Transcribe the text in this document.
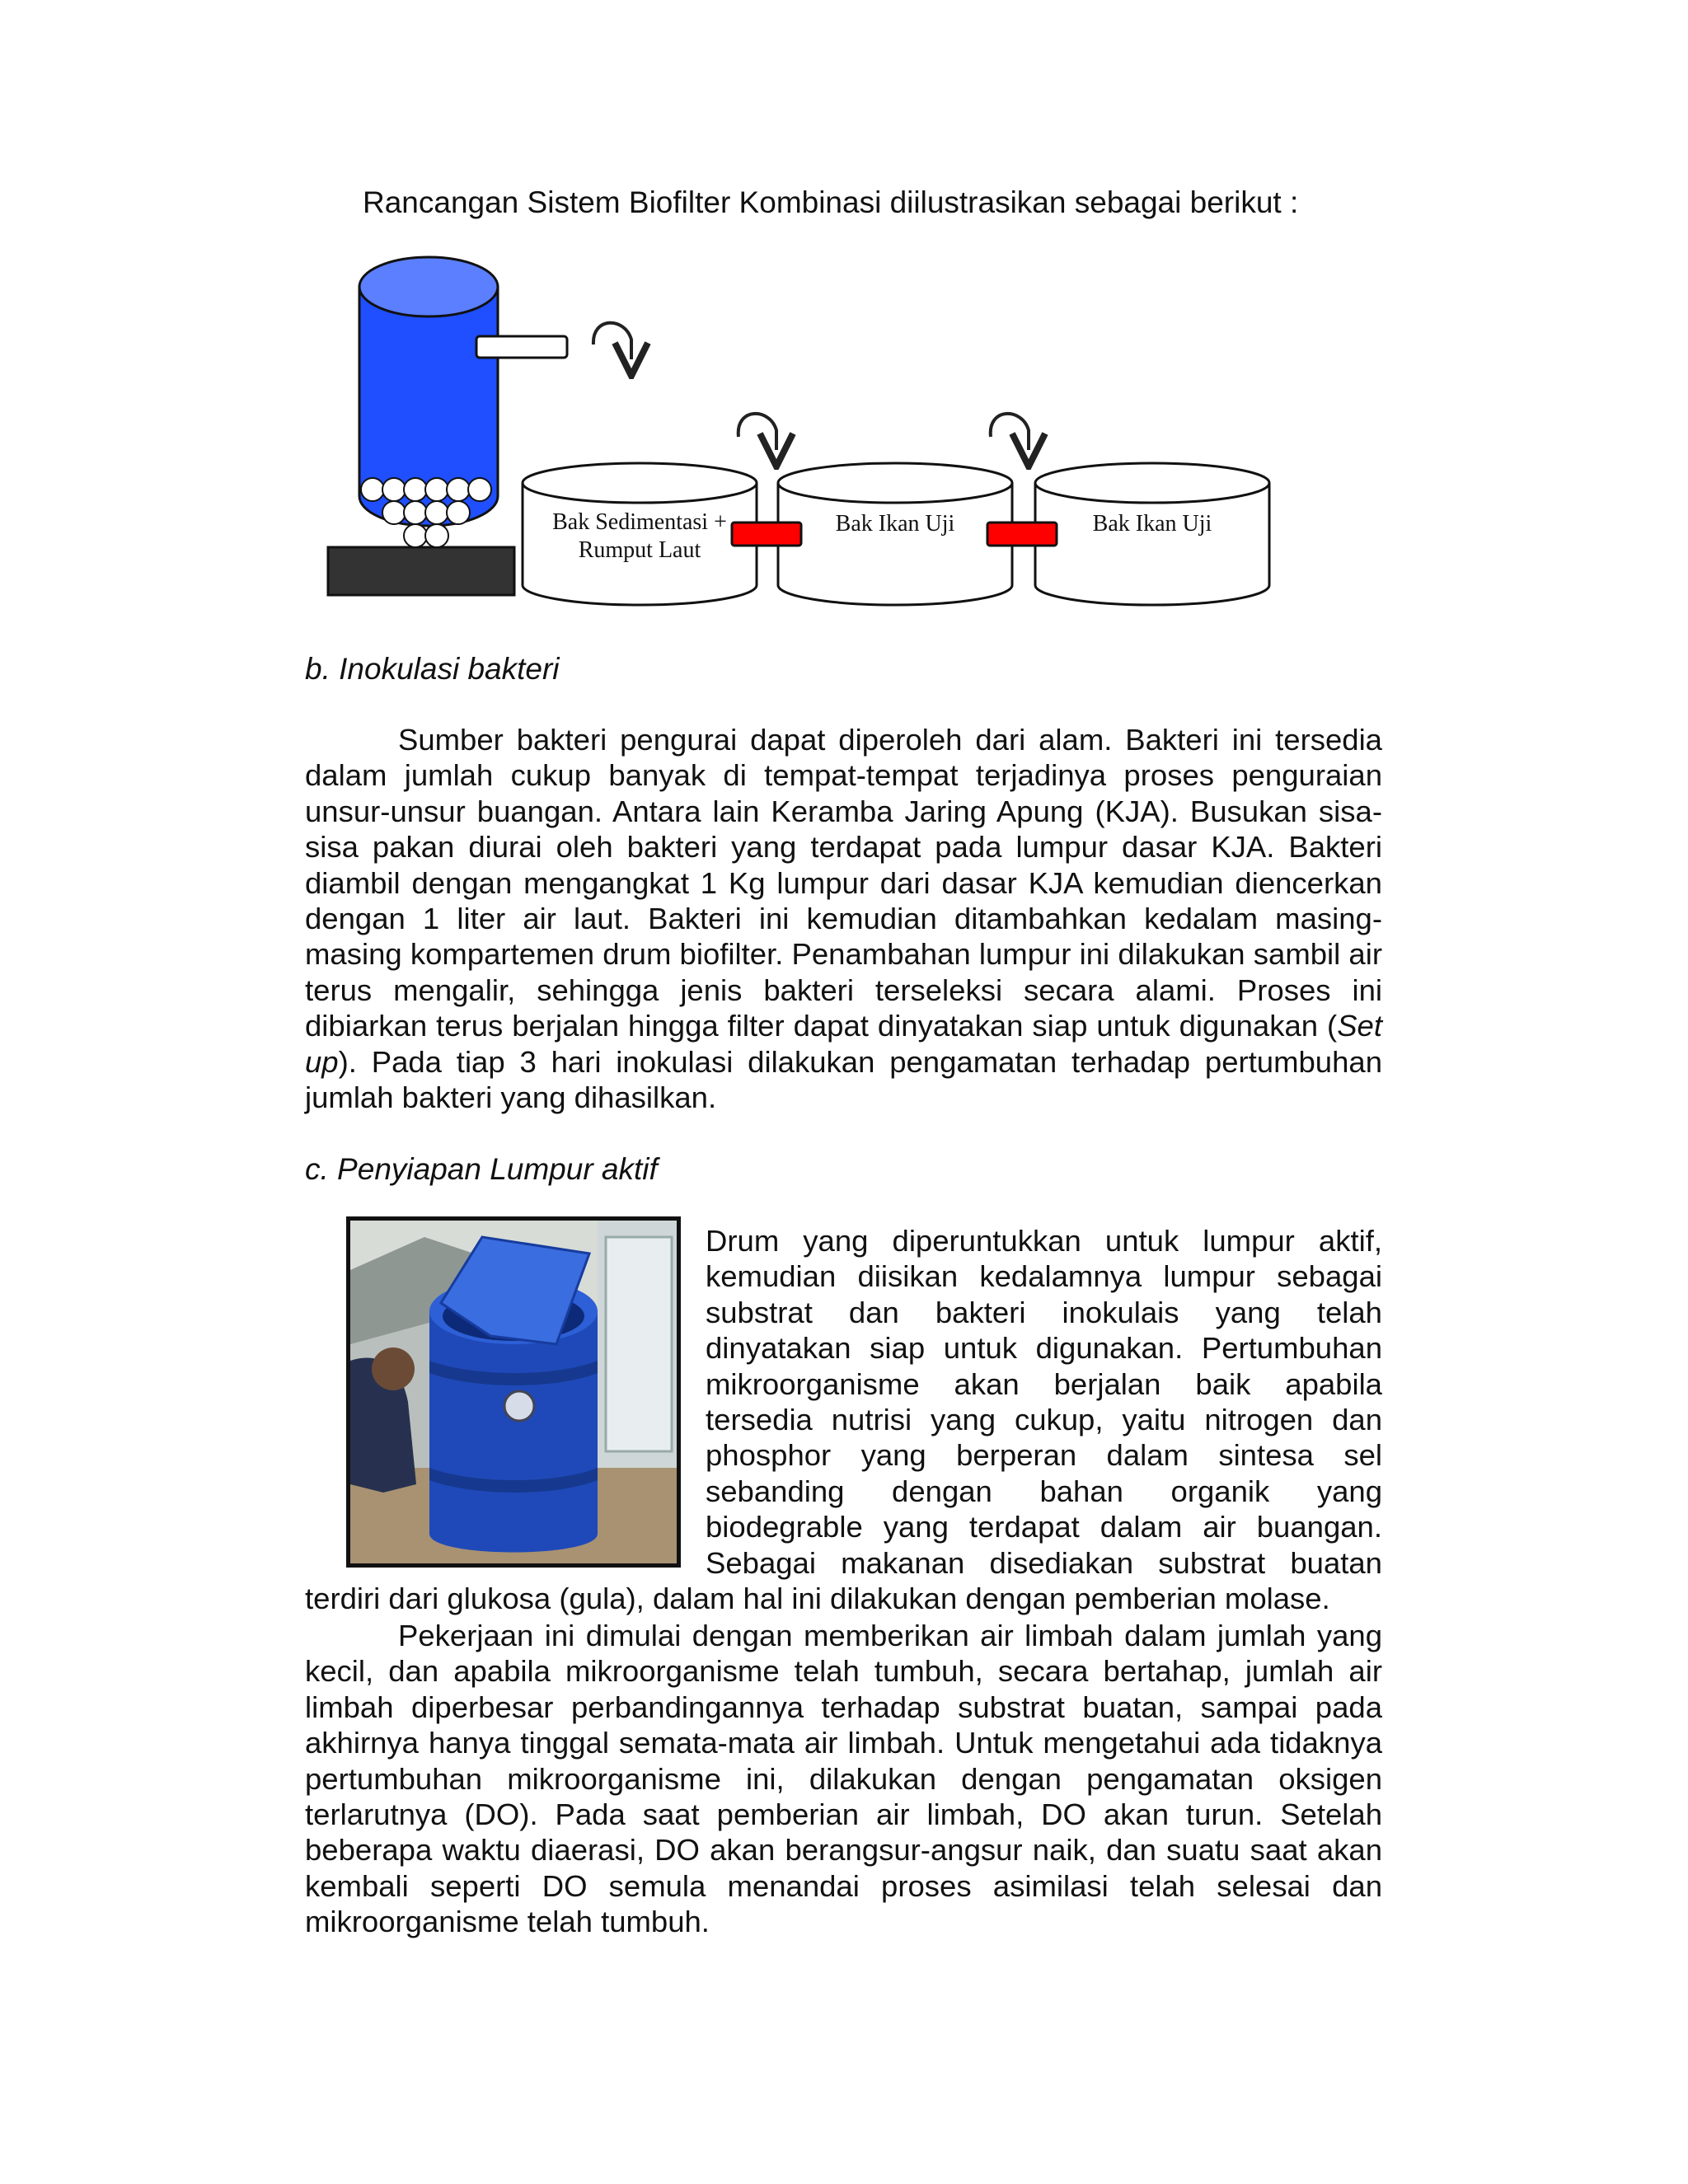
Rancangan Sistem Biofilter Kombinasi diilustrasikan sebagai berikut :
Bak Sedimentasi +
Rumput Laut
Bak Ikan Uji	Bak Ikan Uji
b. Inokulasi bakteri

Sumber bakteri pengurai dapat diperoleh dari alam. Bakteri ini tersedia dalam jumlah cukup banyak di tempat-tempat terjadinya proses penguraian unsur-unsur buangan. Antara lain Keramba Jaring Apung (KJA). Busukan sisa-sisa pakan diurai oleh bakteri yang terdapat pada lumpur dasar KJA. Bakteri diambil dengan mengangkat 1 Kg lumpur dari dasar KJA kemudian diencerkan dengan 1 liter air laut. Bakteri ini kemudian ditambahkan kedalam masing-masing kompartemen drum biofilter. Penambahan lumpur ini dilakukan sambil air terus mengalir, sehingga jenis bakteri terseleksi secara alami. Proses ini dibiarkan terus berjalan hingga filter dapat dinyatakan siap untuk digunakan (Set up). Pada tiap 3 hari inokulasi dilakukan pengamatan terhadap pertumbuhan jumlah bakteri yang dihasilkan.

c. Penyiapan Lumpur aktif

Drum yang diperuntukkan untuk lumpur aktif, kemudian diisikan kedalamnya lumpur sebagai substrat dan bakteri inokulais yang telah dinyatakan siap untuk digunakan. Pertumbuhan mikroorganisme akan berjalan baik apabila tersedia nutrisi yang cukup, yaitu nitrogen dan phosphor yang berperan dalam sintesa sel sebanding dengan bahan organik yang biodegrable yang terdapat dalam air buangan. Sebagai makanan disediakan substrat buatan terdiri dari glukosa (gula), dalam hal ini dilakukan dengan pemberian molase.

Pekerjaan ini dimulai dengan memberikan air limbah dalam jumlah yang kecil, dan apabila mikroorganisme telah tumbuh, secara bertahap, jumlah air limbah diperbesar perbandingannya terhadap substrat buatan, sampai pada akhirnya hanya tinggal semata-mata air limbah. Untuk mengetahui ada tidaknya pertumbuhan mikroorganisme ini, dilakukan dengan pengamatan oksigen terlarutnya (DO). Pada saat pemberian air limbah, DO akan turun. Setelah beberapa waktu diaerasi, DO akan berangsur-angsur naik, dan suatu saat akan kembali seperti DO semula menandai proses asimilasi telah selesai dan mikroorganisme telah tumbuh.
